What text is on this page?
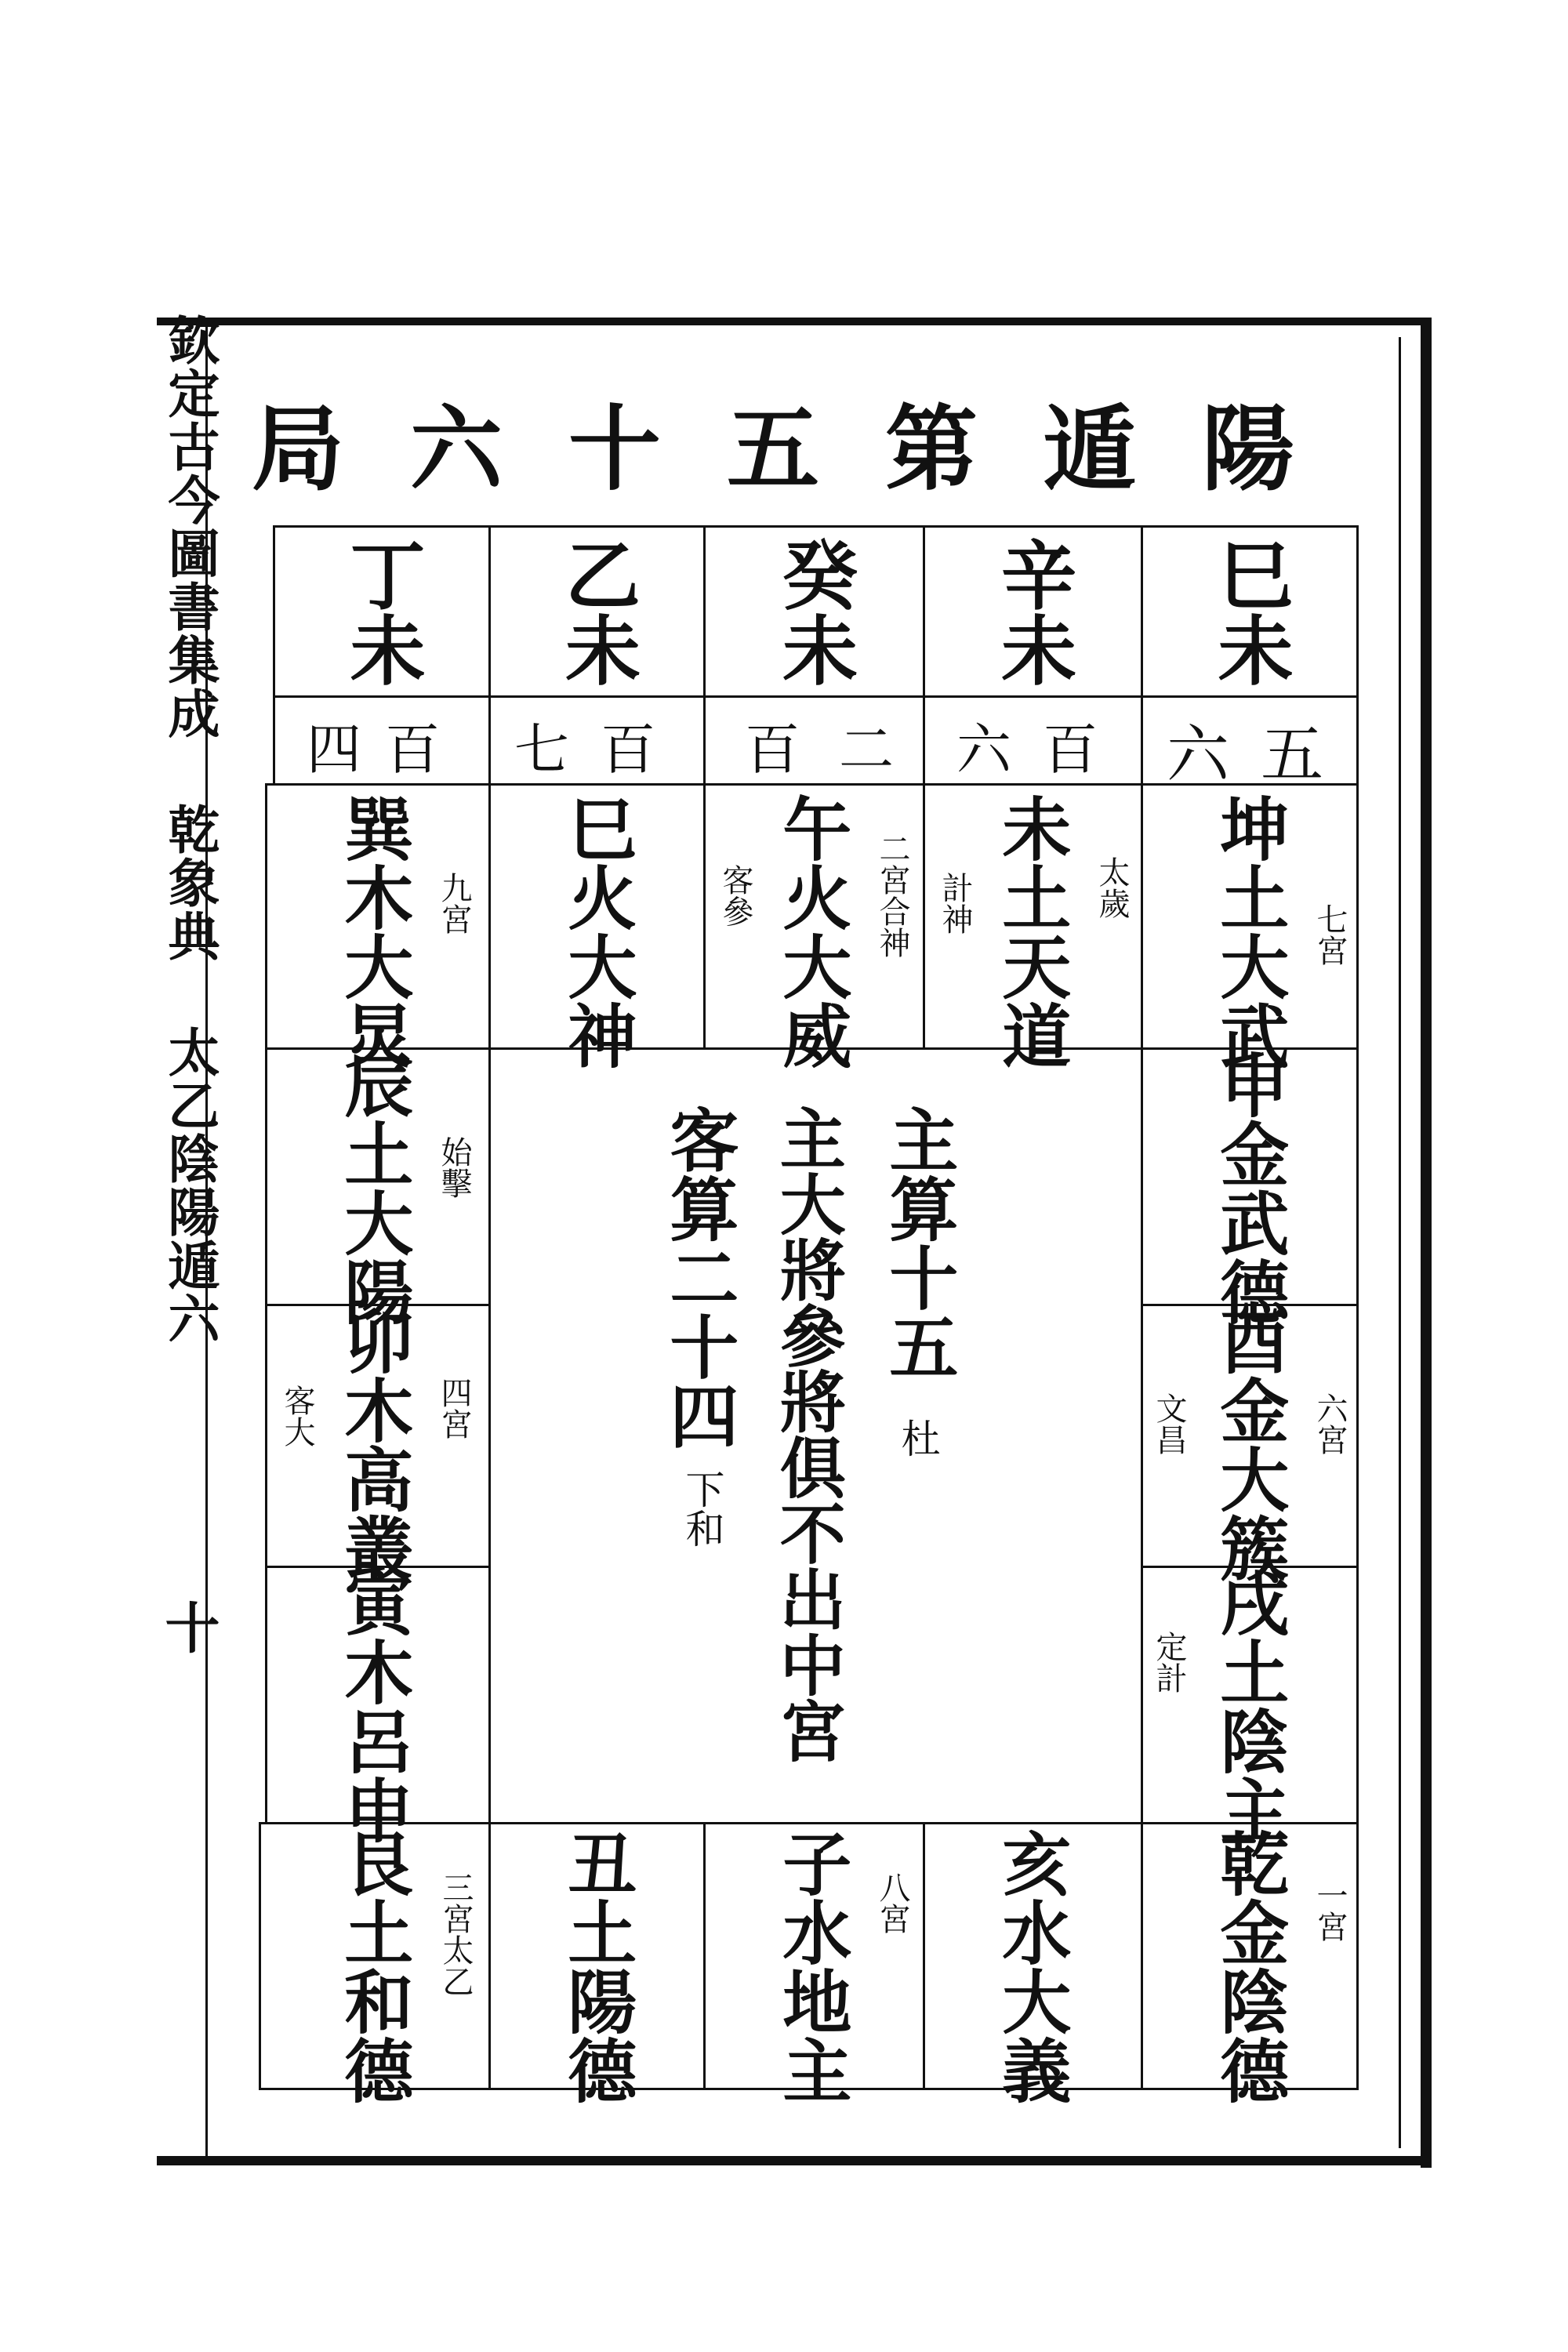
欽定古今圖書集成 乾象典 太乙陰陽遁六
十
陽遁第五十六局
巳未
辛未
癸未
乙未
丁未
五
六
百
六
二
百
百
七
百
四
坤土大武 七宮
申金武德
酉金大簇 六宮
文昌
戌土陰主
定計
乾金陰德 一宮
未土天道 太歲
計神
午火大威 二宮合神
客參
巳火大神
巽木大炅 九宮
辰土大陽 始擊
卯木高叢 四宮
客大
寅木呂申
艮土和德 三宮太乙	亥水大義
子水地主 八宮
丑土陽德
主算十五
杜
主大將參將俱不出中宮
客算二十四
下和
